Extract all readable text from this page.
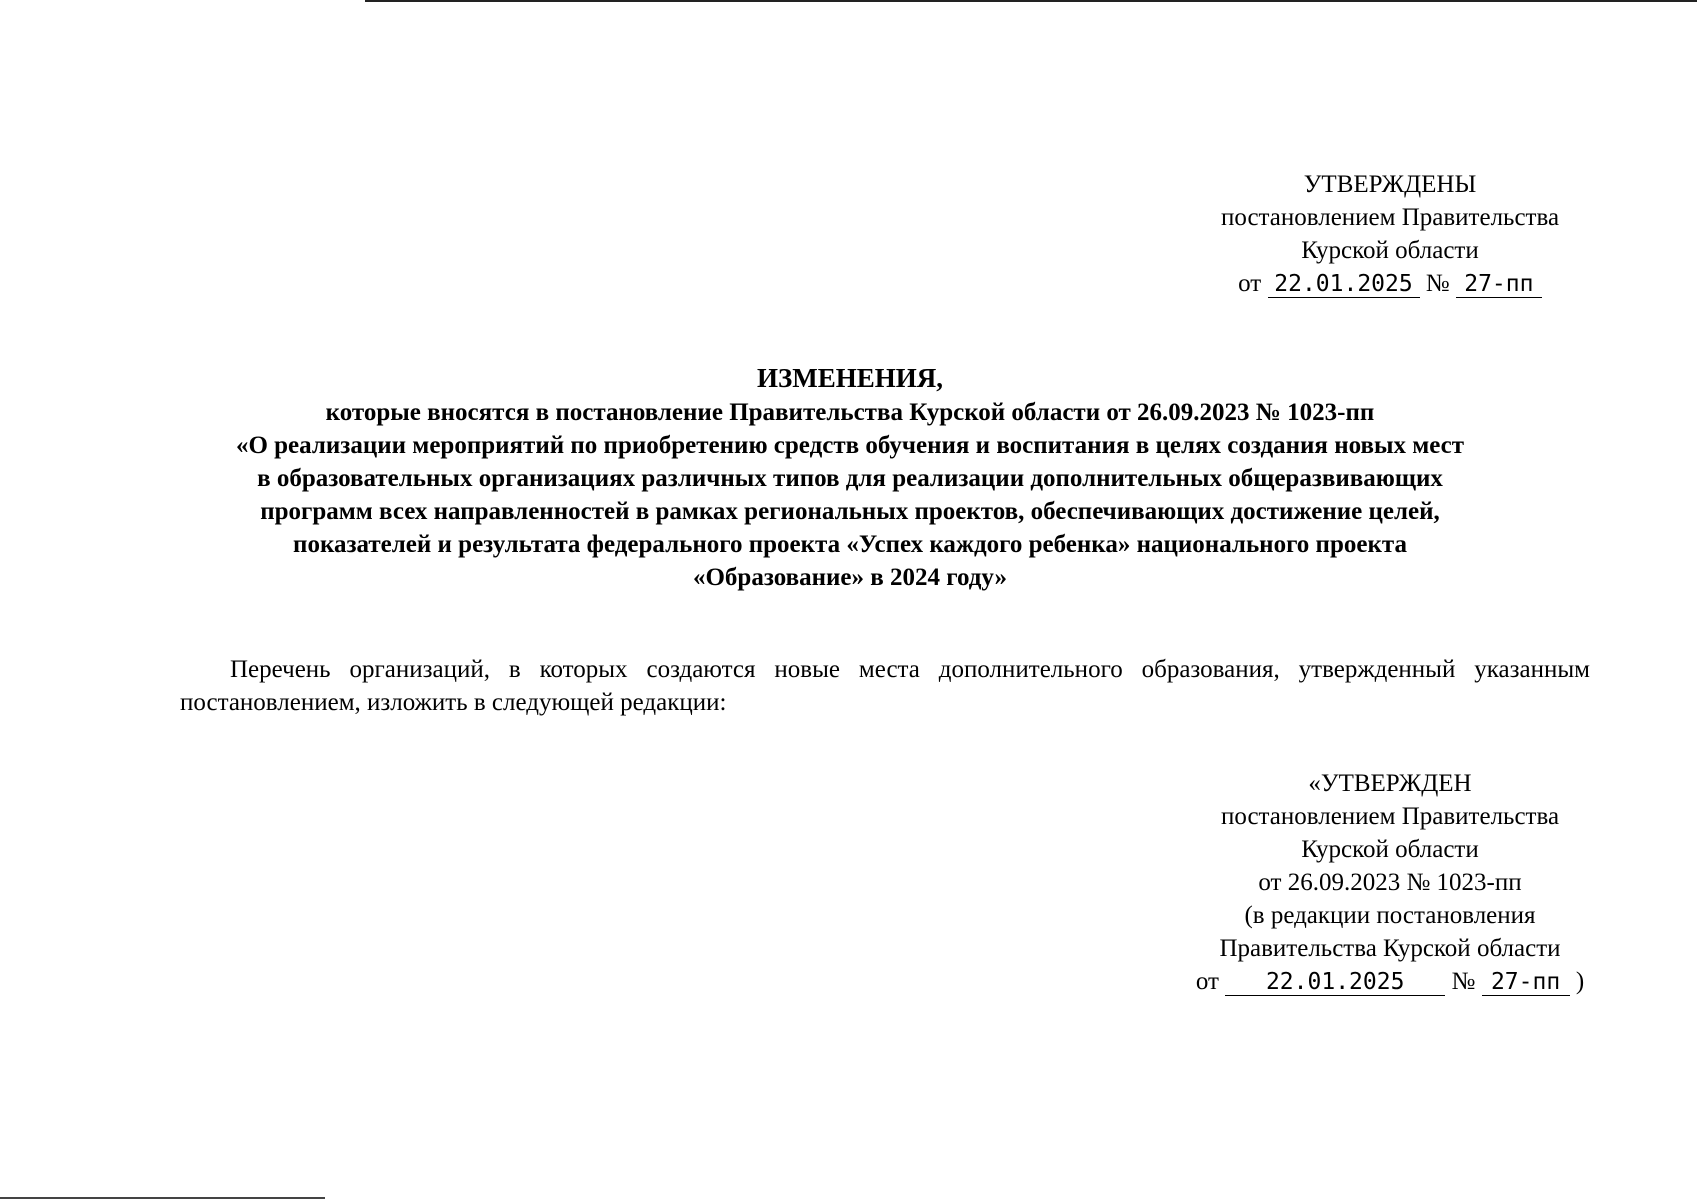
УТВЕРЖДЕНЫ
постановлением Правительства
Курской области
от 22.01.2025 № 27-пп
ИЗМЕНЕНИЯ,
которые вносятся в постановление Правительства Курской области от 26.09.2023 № 1023-пп
«О реализации мероприятий по приобретению средств обучения и воспитания в целях создания новых мест
в образовательных организациях различных типов для реализации дополнительных общеразвивающих
программ всех направленностей в рамках региональных проектов, обеспечивающих достижение целей,
показателей и результата федерального проекта «Успех каждого ребенка» национального проекта
«Образование» в 2024 году»
Перечень организаций, в которых создаются новые места дополнительного образования, утвержденный указанным постановлением, изложить в следующей редакции:
«УТВЕРЖДЕН
постановлением Правительства
Курской области
от 26.09.2023 № 1023-пп
(в редакции постановления
Правительства Курской области
от 22.01.2025 № 27-пп )
